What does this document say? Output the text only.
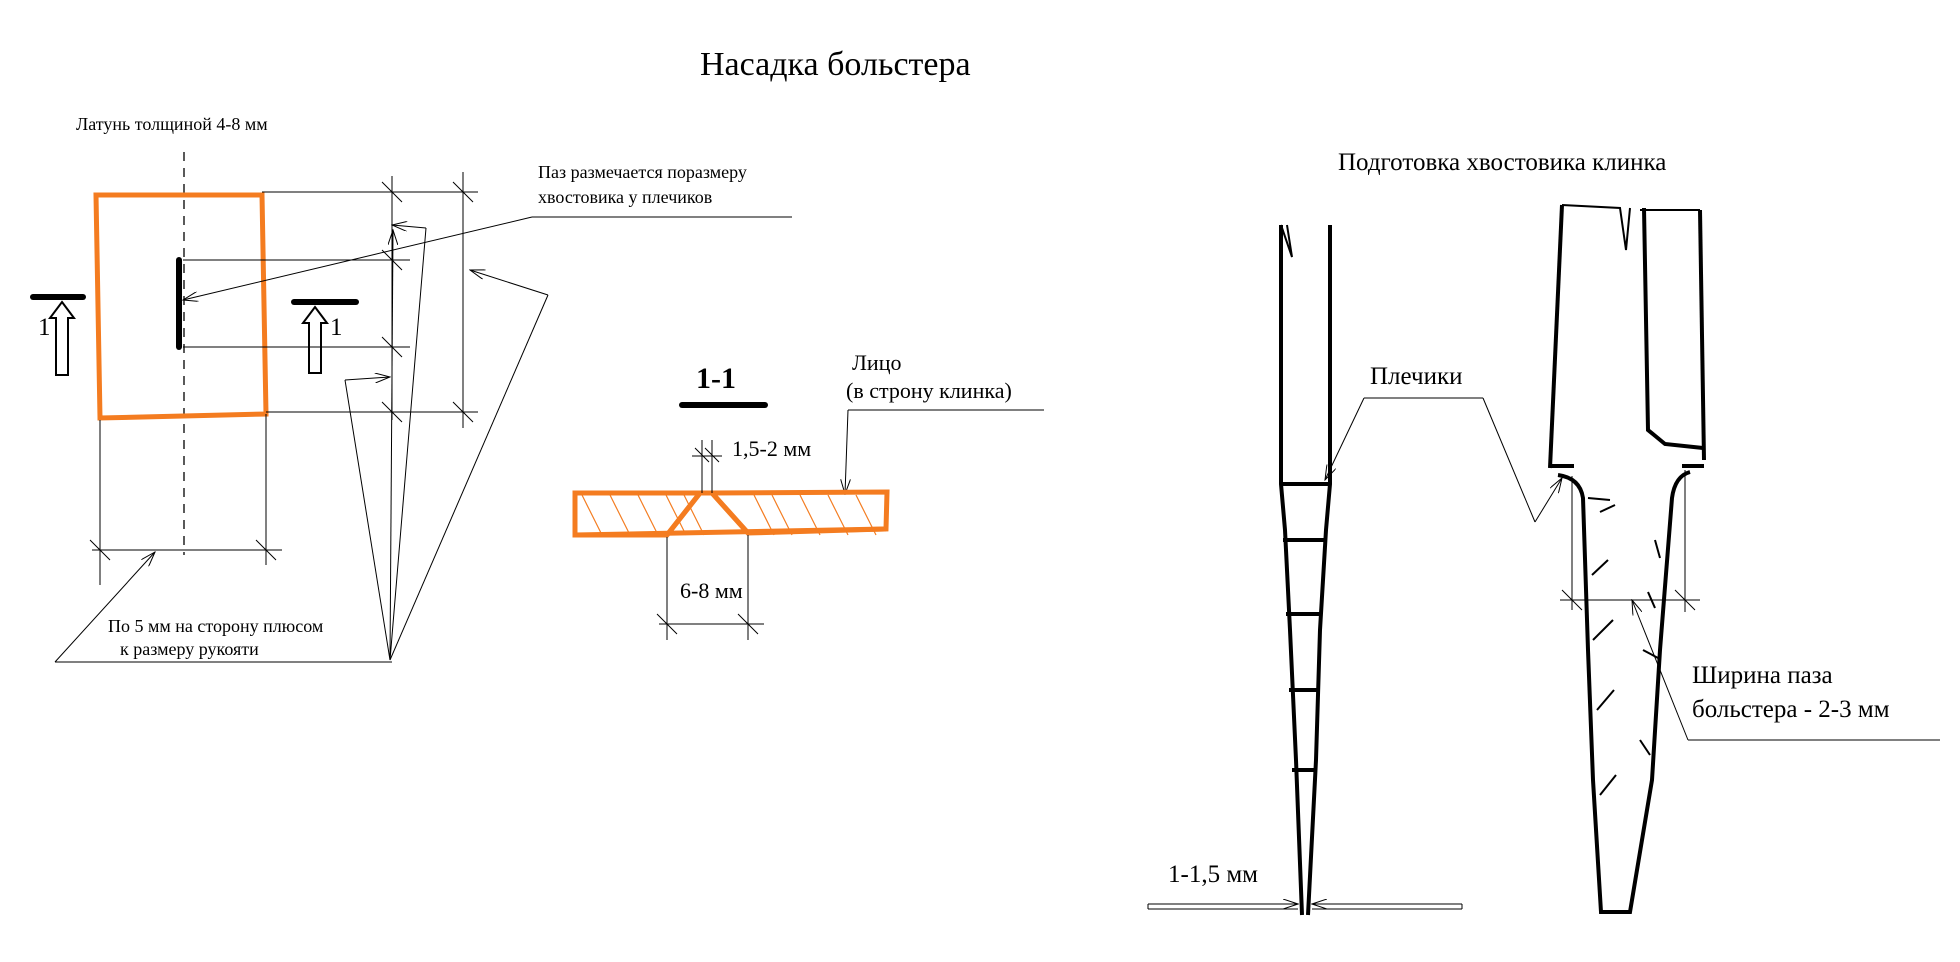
Насадка больстера
Латунь толщиной 4-8 мм
1	1
Паз размечается поразмеру
хвостовика у плечиков
По 5 мм на сторону плюсом
к размеру рукояти
1-1	Лицо
(в строну клинка)
1,5-2 мм
6-8 мм
Подготовка хвостовика клинка
1-1,5 мм
Плечики
Ширина паза
больстера - 2-3 мм
